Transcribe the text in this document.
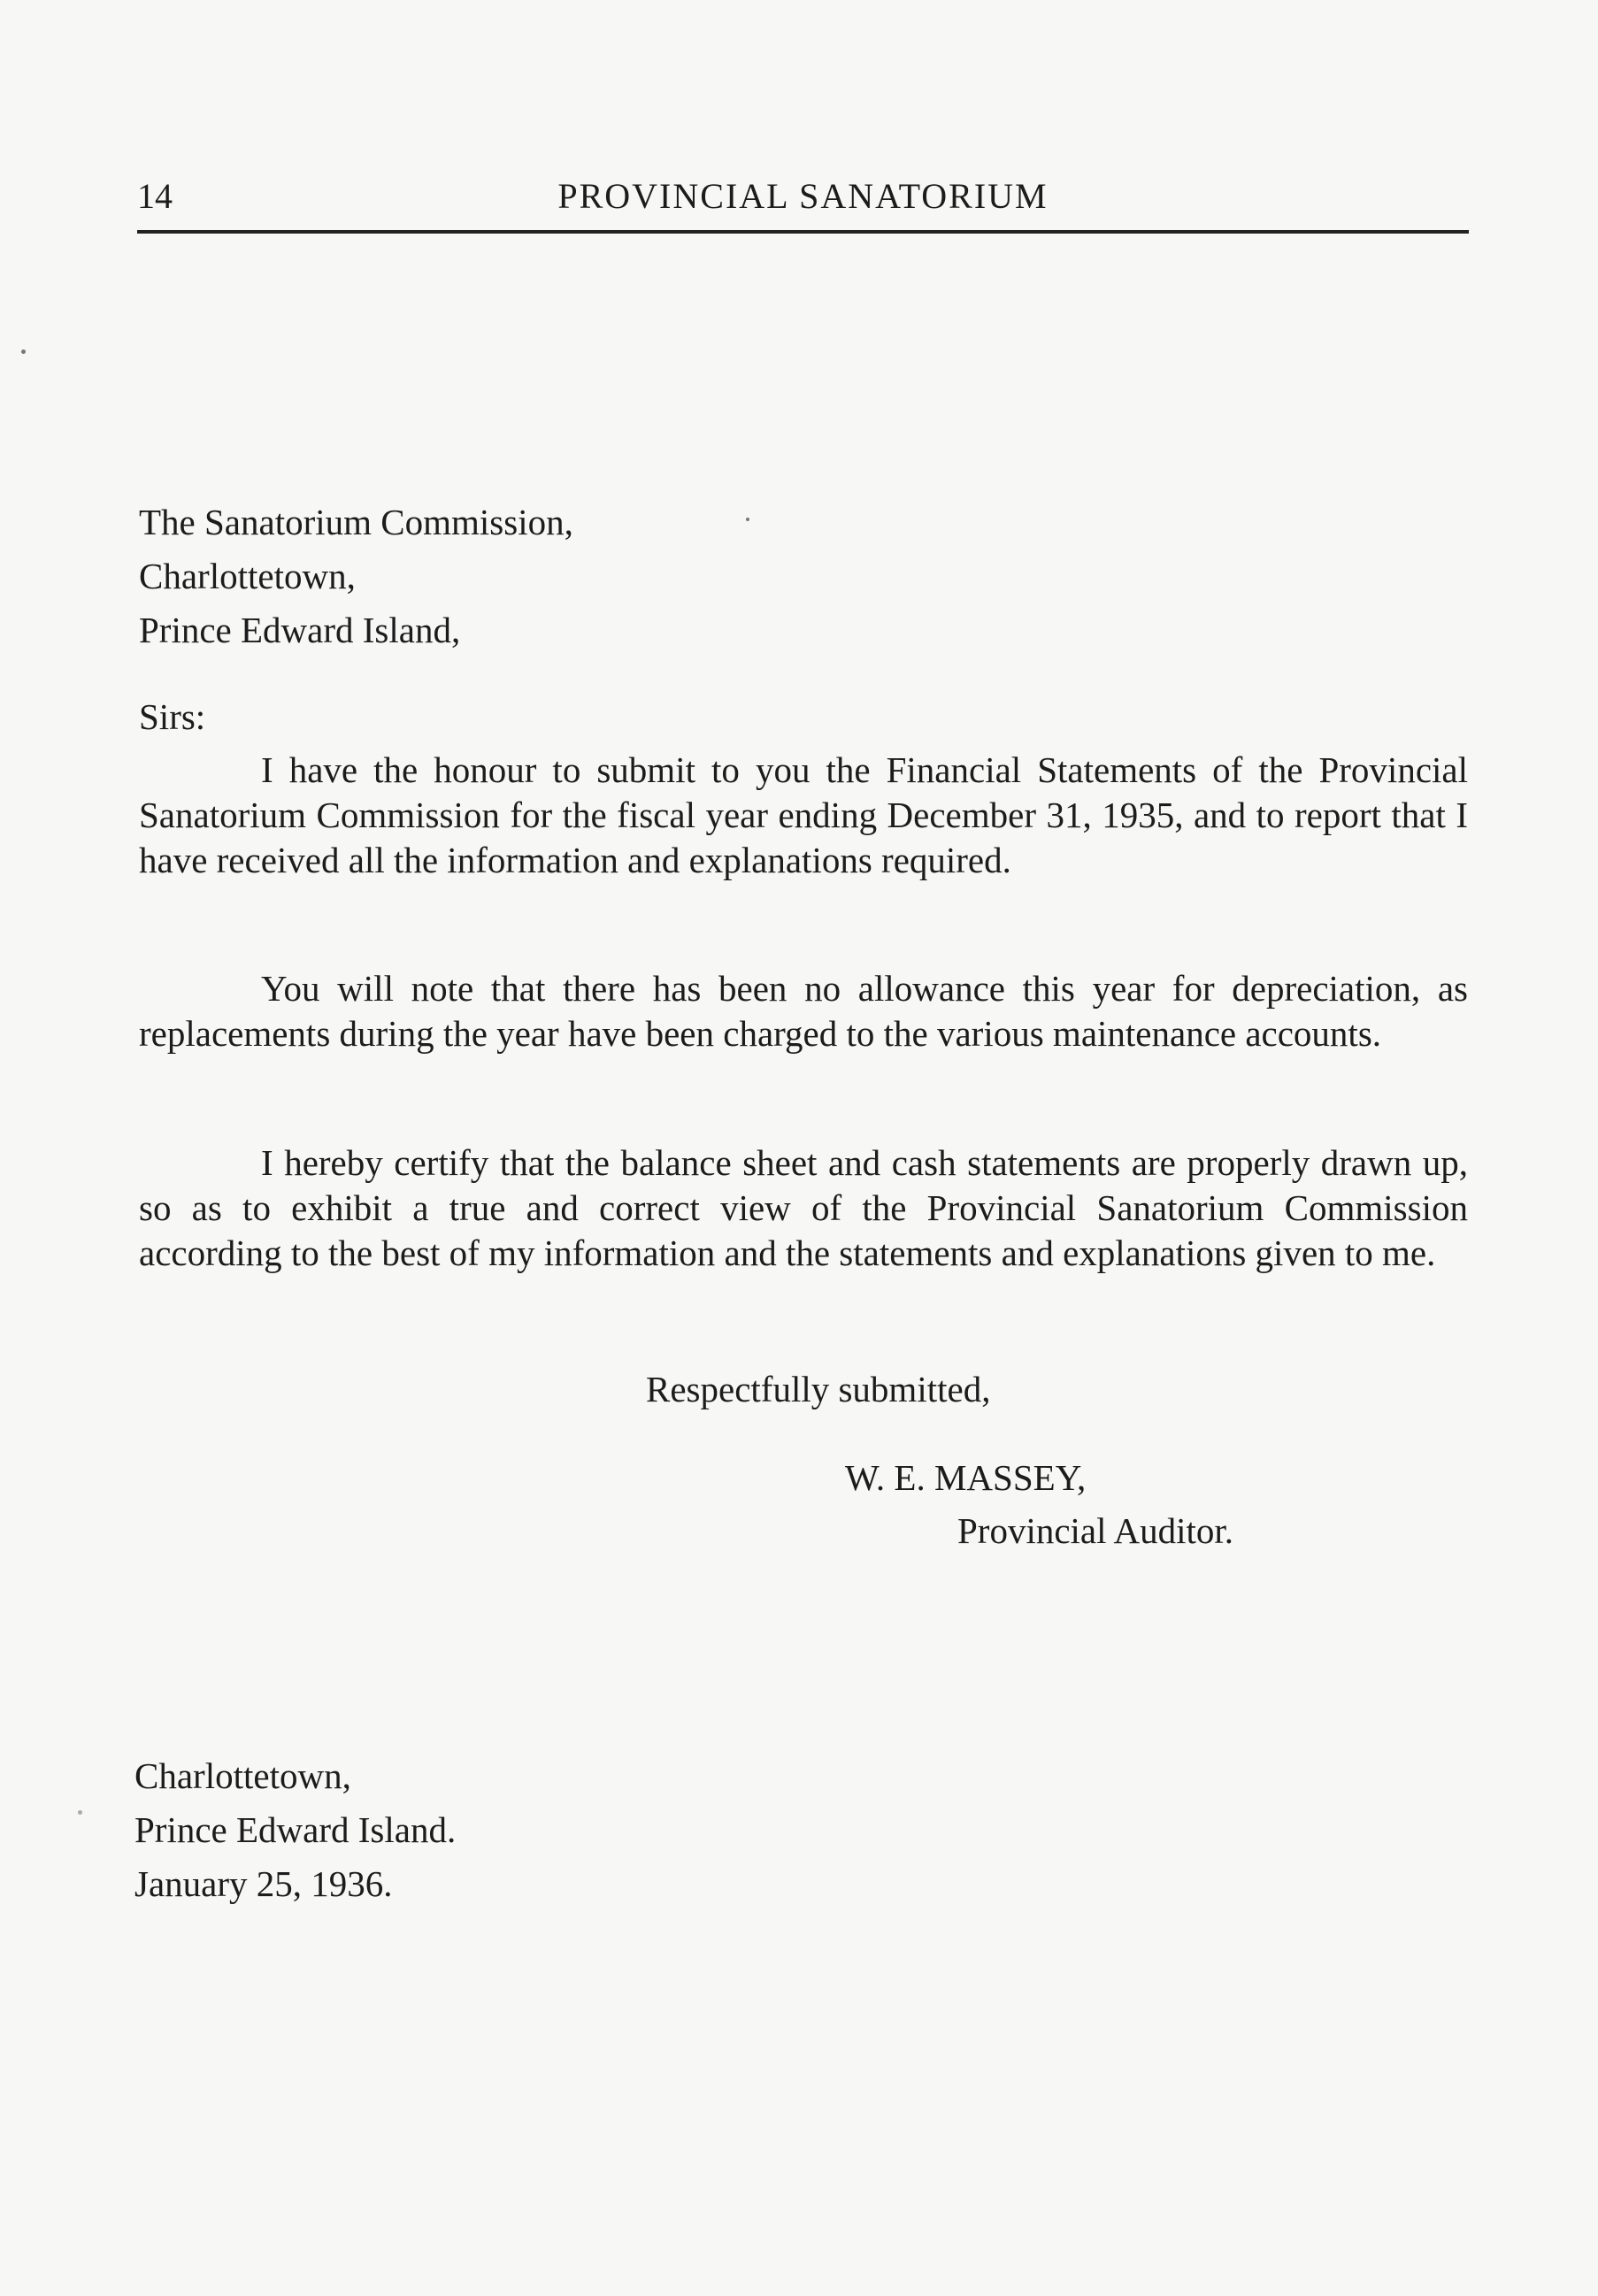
14	PROVINCIAL SANATORIUM
The Sanatorium Commission,
Charlottetown,
Prince Edward Island,
Sirs:

I have the honour to submit to you the Financial Statements of the Provincial Sanatorium Commission for the fiscal year ending December 31, 1935, and to report that I have received all the information and explanations required.

You will note that there has been no allowance this year for depreciation, as replacements during the year have been charged to the various maintenance accounts.

I hereby certify that the balance sheet and cash statements are properly drawn up, so as to exhibit a true and correct view of the Provincial Sanatorium Commission according to the best of my information and the statements and explanations given to me.

Respectfully submitted,
W. E. MASSEY,
Provincial Auditor.
Charlottetown,
Prince Edward Island.
January 25, 1936.
